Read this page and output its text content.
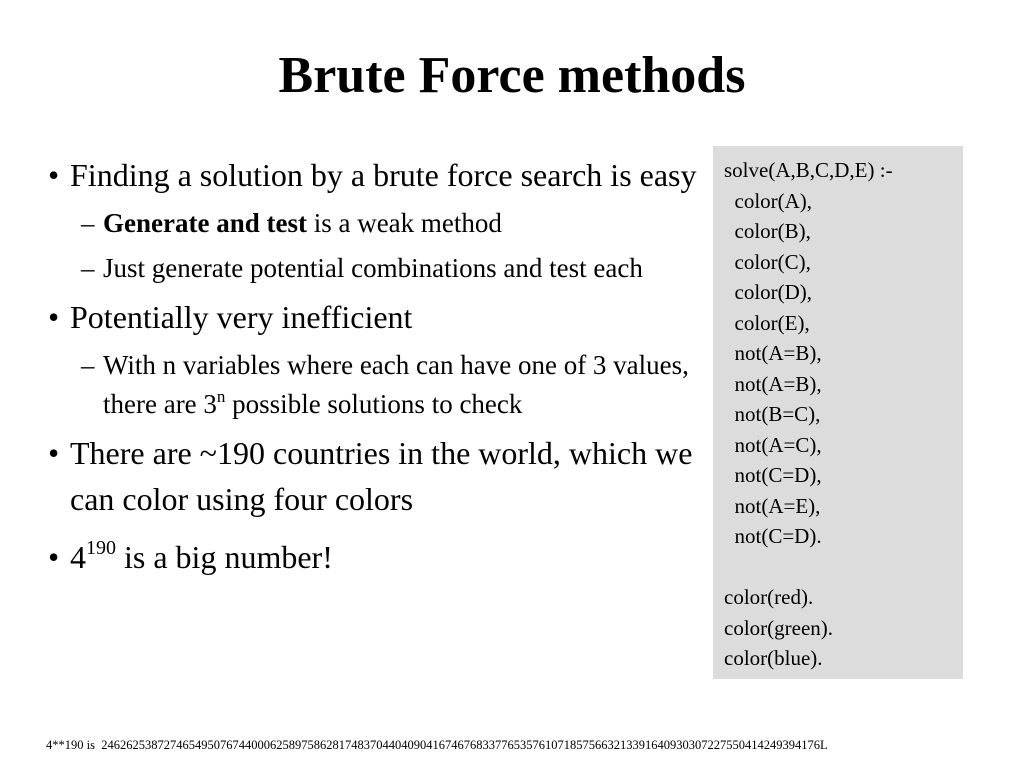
Brute Force methods
• Finding a solution by a brute force search is easy
– Generate and test is a weak method
– Just generate potential combinations and test each
• Potentially very inefficient
– With n variables where each can have one of 3 values, there are 3$^n$ possible solutions to check
• There are ~190 countries in the world, which we can color using four colors
• $4^{190}$ is a big number!
solve(A,B,C,D,E) :-
color(A),
color(B),
color(C),
color(D),
color(E),
not(A=B),
not(A=B),
not(B=C),
not(A=C),
not(C=D),
not(A=E),
not(C=D).
color(red).
color(green).
color(blue).
4**190 is  2462625387274654950767440006258975862817483704404090416746768337765357610718575663213391640930307227550414249394176L
